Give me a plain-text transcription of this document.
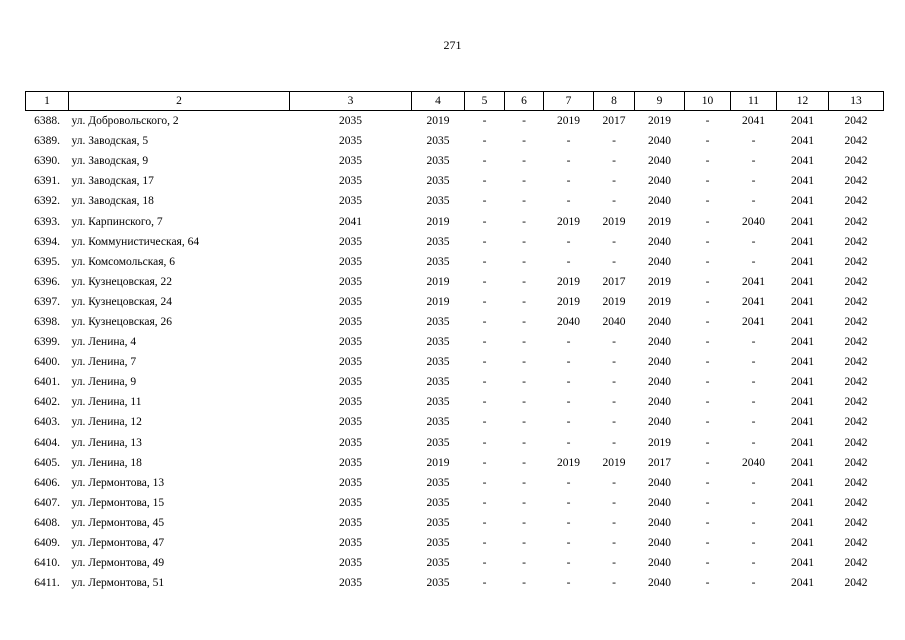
271
1	2	3	4	5	6	7	8	9	10	11	12	13
6388.	ул. Добровольского, 2	2035	2019	-	-	2019	2017	2019	-	2041	2041	2042
6389.	ул. Заводская, 5	2035	2035	-	-	-	-	2040	-	-	2041	2042
6390.	ул. Заводская, 9	2035	2035	-	-	-	-	2040	-	-	2041	2042
6391.	ул. Заводская, 17	2035	2035	-	-	-	-	2040	-	-	2041	2042
6392.	ул. Заводская, 18	2035	2035	-	-	-	-	2040	-	-	2041	2042
6393.	ул. Карпинского, 7	2041	2019	-	-	2019	2019	2019	-	2040	2041	2042
6394.	ул. Коммунистическая, 64	2035	2035	-	-	-	-	2040	-	-	2041	2042
6395.	ул. Комсомольская, 6	2035	2035	-	-	-	-	2040	-	-	2041	2042
6396.	ул. Кузнецовская, 22	2035	2019	-	-	2019	2017	2019	-	2041	2041	2042
6397.	ул. Кузнецовская, 24	2035	2019	-	-	2019	2019	2019	-	2041	2041	2042
6398.	ул. Кузнецовская, 26	2035	2035	-	-	2040	2040	2040	-	2041	2041	2042
6399.	ул. Ленина, 4	2035	2035	-	-	-	-	2040	-	-	2041	2042
6400.	ул. Ленина, 7	2035	2035	-	-	-	-	2040	-	-	2041	2042
6401.	ул. Ленина, 9	2035	2035	-	-	-	-	2040	-	-	2041	2042
6402.	ул. Ленина, 11	2035	2035	-	-	-	-	2040	-	-	2041	2042
6403.	ул. Ленина, 12	2035	2035	-	-	-	-	2040	-	-	2041	2042
6404.	ул. Ленина, 13	2035	2035	-	-	-	-	2019	-	-	2041	2042
6405.	ул. Ленина, 18	2035	2019	-	-	2019	2019	2017	-	2040	2041	2042
6406.	ул. Лермонтова, 13	2035	2035	-	-	-	-	2040	-	-	2041	2042
6407.	ул. Лермонтова, 15	2035	2035	-	-	-	-	2040	-	-	2041	2042
6408.	ул. Лермонтова, 45	2035	2035	-	-	-	-	2040	-	-	2041	2042
6409.	ул. Лермонтова, 47	2035	2035	-	-	-	-	2040	-	-	2041	2042
6410.	ул. Лермонтова, 49	2035	2035	-	-	-	-	2040	-	-	2041	2042
6411.	ул. Лермонтова, 51	2035	2035	-	-	-	-	2040	-	-	2041	2042
